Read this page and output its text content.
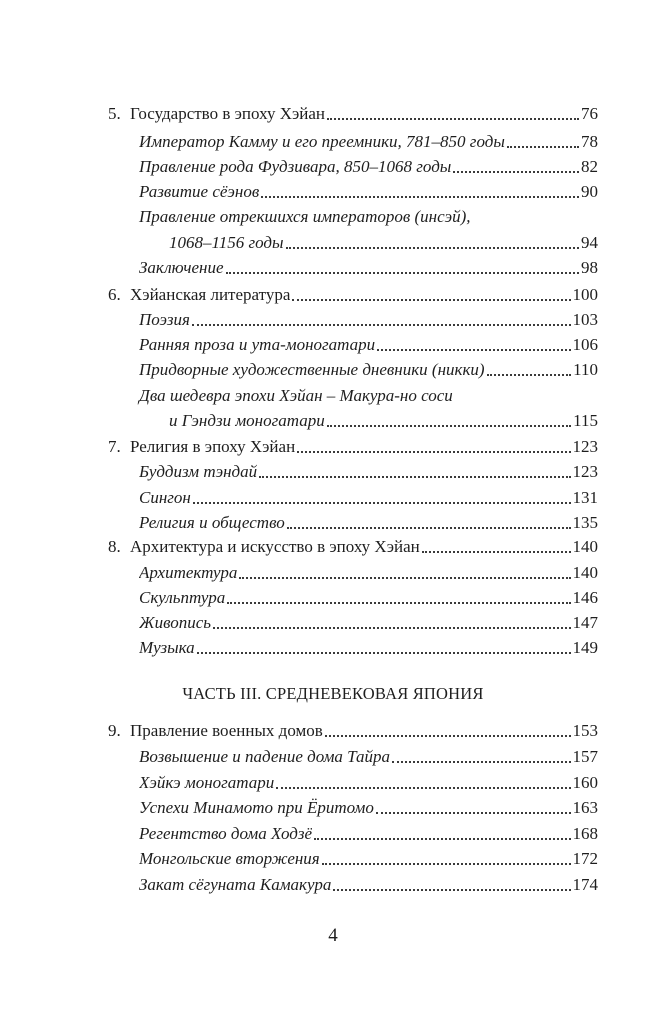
5. Государство в эпоху Хэйан	76
Император Камму и его преемники, 781–850 годы	78
Правление рода Фудзивара, 850–1068 годы	82
Развитие сёэнов	90
Правление отрекшихся императоров (инсэй),
1068–1156 годы	94
Заключение	98
6. Хэйанская литература	100
Поэзия	103
Ранняя проза и ута-моногатари	106
Придворные художественные дневники (никки)	110
Два шедевра эпохи Хэйан – Макура-но соси
и Гэндзи моногатари	115
7. Религия в эпоху Хэйан	123
Буддизм тэндай	123
Сингон	131
Религия и общество	135
8. Архитектура и искусство в эпоху Хэйан	140
Архитектура	140
Скульптура	146
Живопись	147
Музыка	149
ЧАСТЬ III. СРЕДНЕВЕКОВАЯ ЯПОНИЯ
9. Правление военных домов	153
Возвышение и падение дома Тайра	157
Хэйкэ моногатари	160
Успехи Минамото при Ёритомо	163
Регентство дома Ходзё	168
Монгольские вторжения	172
Закат сёгуната Камакура	174
4
